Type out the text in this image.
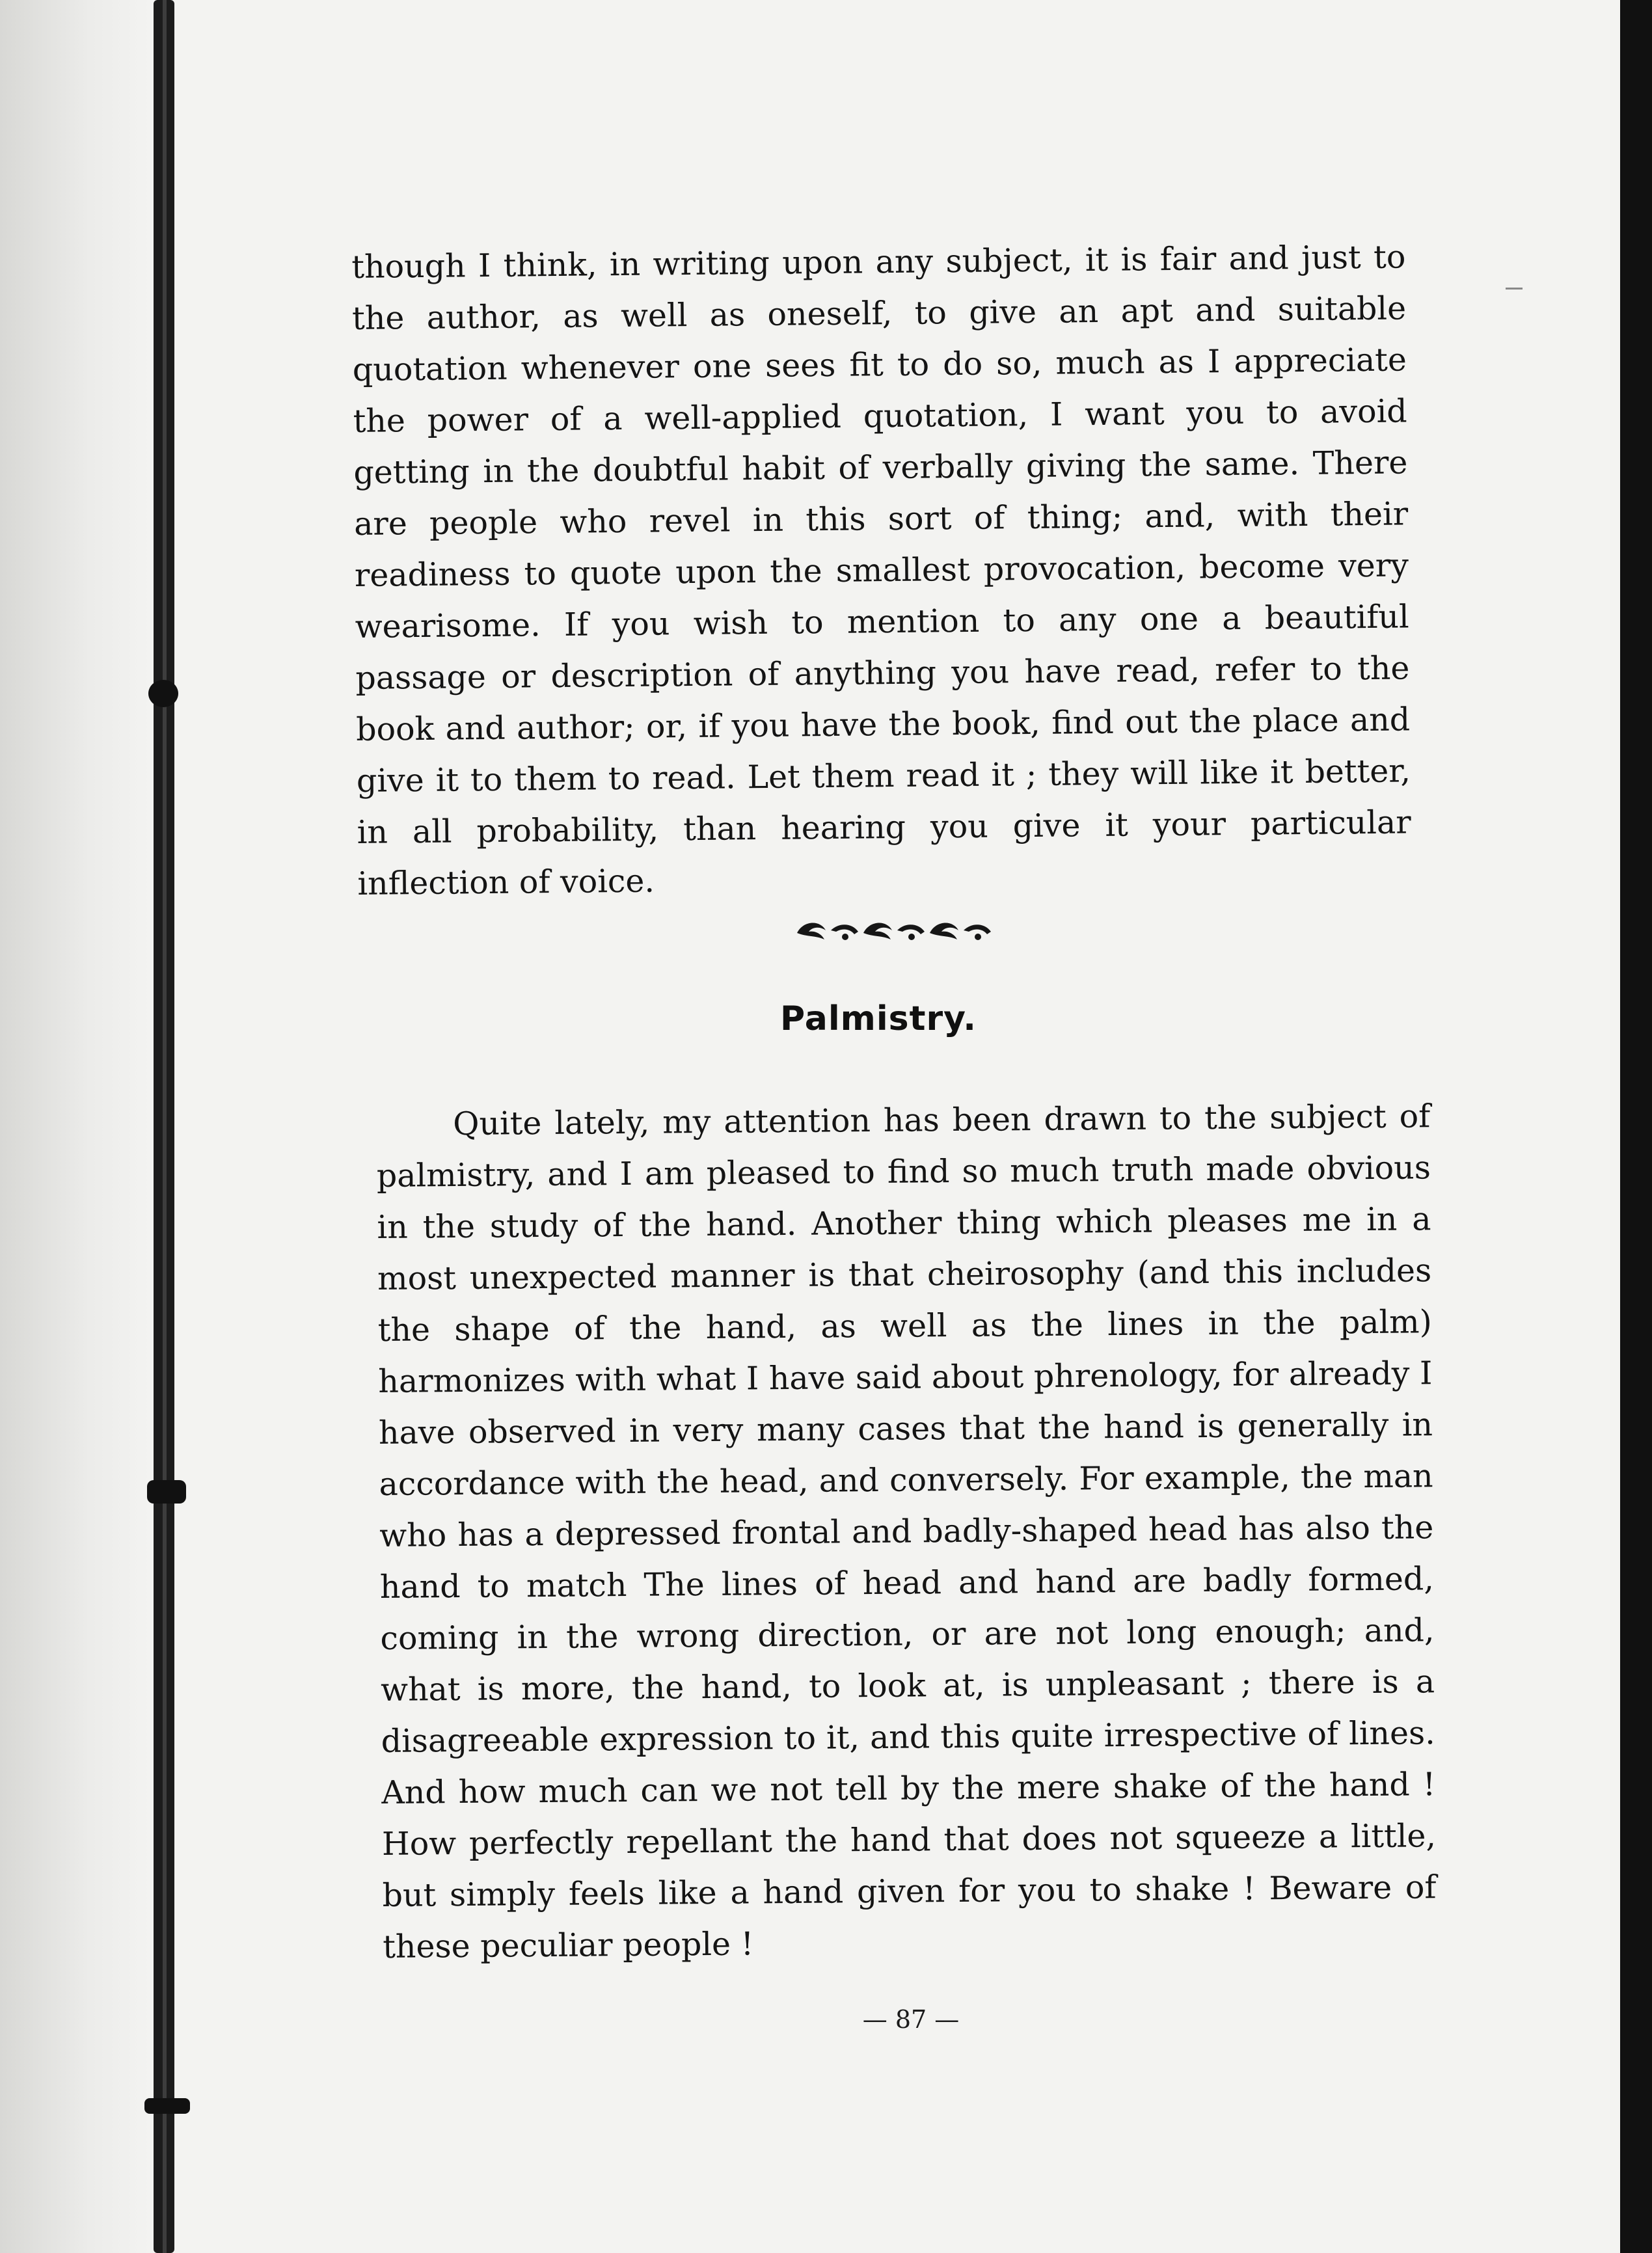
though I think, in writing upon any subject, it is fair and just to the author, as well as oneself, to give an apt and suitable quotation whenever one sees fit to do so, much as I appreciate the power of a well-applied quotation, I want you to avoid getting in the doubtful habit of verbally giving the same. There are people who revel in this sort of thing; and, with their readiness to quote upon the smallest provocation, become very wearisome. If you wish to mention to any one a beautiful passage or description of anything you have read, refer to the book and author; or, if you have the book, find out the place and give it to them to read. Let them read it ; they will like it better, in all probability, than hearing you give it your particular inflection of voice.

Palmistry.

Quite lately, my attention has been drawn to the subject of palmistry, and I am pleased to find so much truth made obvious in the study of the hand. Another thing which pleases me in a most unexpected manner is that cheirosophy (and this includes the shape of the hand, as well as the lines in the palm) harmonizes with what I have said about phrenology, for already I have observed in very many cases that the hand is generally in accordance with the head, and conversely. For example, the man who has a depressed frontal and badly-shaped head has also the hand to match The lines of head and hand are badly formed, coming in the wrong direction, or are not long enough; and, what is more, the hand, to look at, is unpleasant ; there is a disagreeable expression to it, and this quite irrespective of lines. And how much can we not tell by the mere shake of the hand ! How perfectly repellant the hand that does not squeeze a little, but simply feels like a hand given for you to shake ! Beware of these peculiar people !

— 87 —
